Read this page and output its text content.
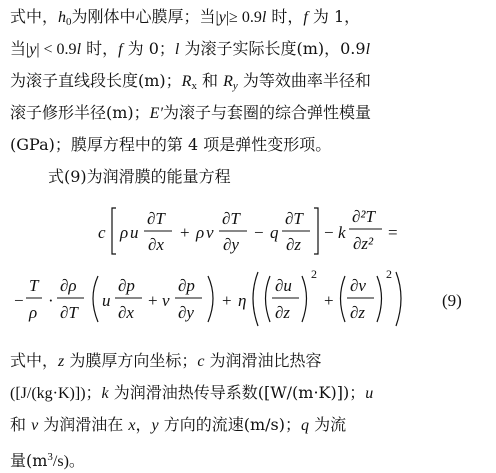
式中，$h_0$为刚体中心膜厚；当|y|≥ 0.9l 时，f 为 1，
当|y| < 0.9l 时，f 为 0；l 为滚子实际长度(m)，0.9l
为滚子直线段长度(m)；$R_x$ 和 $R_y$ 为等效曲率半径和
滚子修形半径(m)；E′为滚子与套圈的综合弹性模量
(GPa)；膜厚方程中的第 4 项是弹性变形项。
式(9)为润滑膜的能量方程
c ρ u
∂T
∂x
+ ρ v
∂T
∂y
− q
∂T
∂z
− k
∂²T
∂z²
=
−
T
ρ
·
∂ρ
∂T
u
∂p
∂x
+ v
∂p
∂y
+ η
∂u
∂z
2
+
∂v
∂z
2
(9)
式中，z 为膜厚方向坐标；c 为润滑油比热容
([J/(kg·K)])；k 为润滑油热传导系数([W/(m·K)])；u
和 v 为润滑油在 x，y 方向的流速(m/s)；q 为流
量$(m^3/s)$。
